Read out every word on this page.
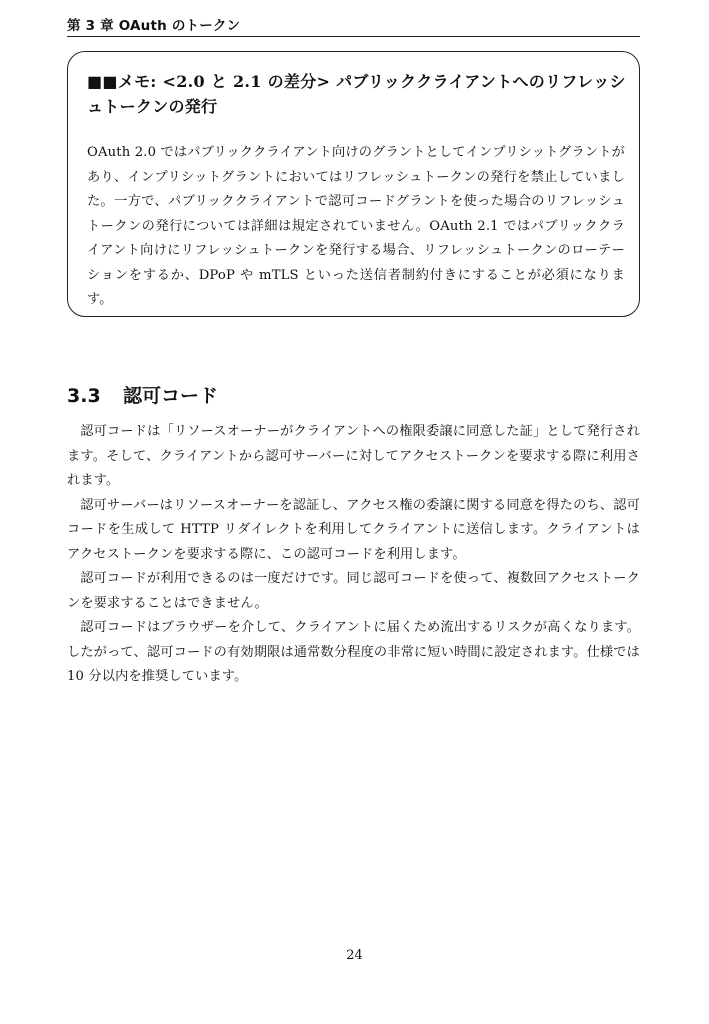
第 3 章 OAuth のトークン
■■メモ: <2.0 と 2.1 の差分> パブリッククライアントへのリフレッシュトークンの発行
OAuth 2.0 ではパブリッククライアント向けのグラントとしてインプリシットグラントがあり、インプリシットグラントにおいてはリフレッシュトークンの発行を禁止していました。一方で、パブリッククライアントで認可コードグラントを使った場合のリフレッシュトークンの発行については詳細は規定されていません。OAuth 2.1 ではパブリッククライアント向けにリフレッシュトークンを発行する場合、リフレッシュトークンのローテーションをするか、DPoP や mTLS といった送信者制約付きにすることが必須になります。
3.3 認可コード

認可コードは「リソースオーナーがクライアントへの権限委譲に同意した証」として発行されます。そして、クライアントから認可サーバーに対してアクセストークンを要求する際に利用されます。

認可サーバーはリソースオーナーを認証し、アクセス権の委譲に関する同意を得たのち、認可コードを生成して HTTP リダイレクトを利用してクライアントに送信します。クライアントはアクセストークンを要求する際に、この認可コードを利用します。

認可コードが利用できるのは一度だけです。同じ認可コードを使って、複数回アクセストークンを要求することはできません。

認可コードはブラウザーを介して、クライアントに届くため流出するリスクが高くなります。したがって、認可コードの有効期限は通常数分程度の非常に短い時間に設定されます。仕様では 10 分以内を推奨しています。

24
